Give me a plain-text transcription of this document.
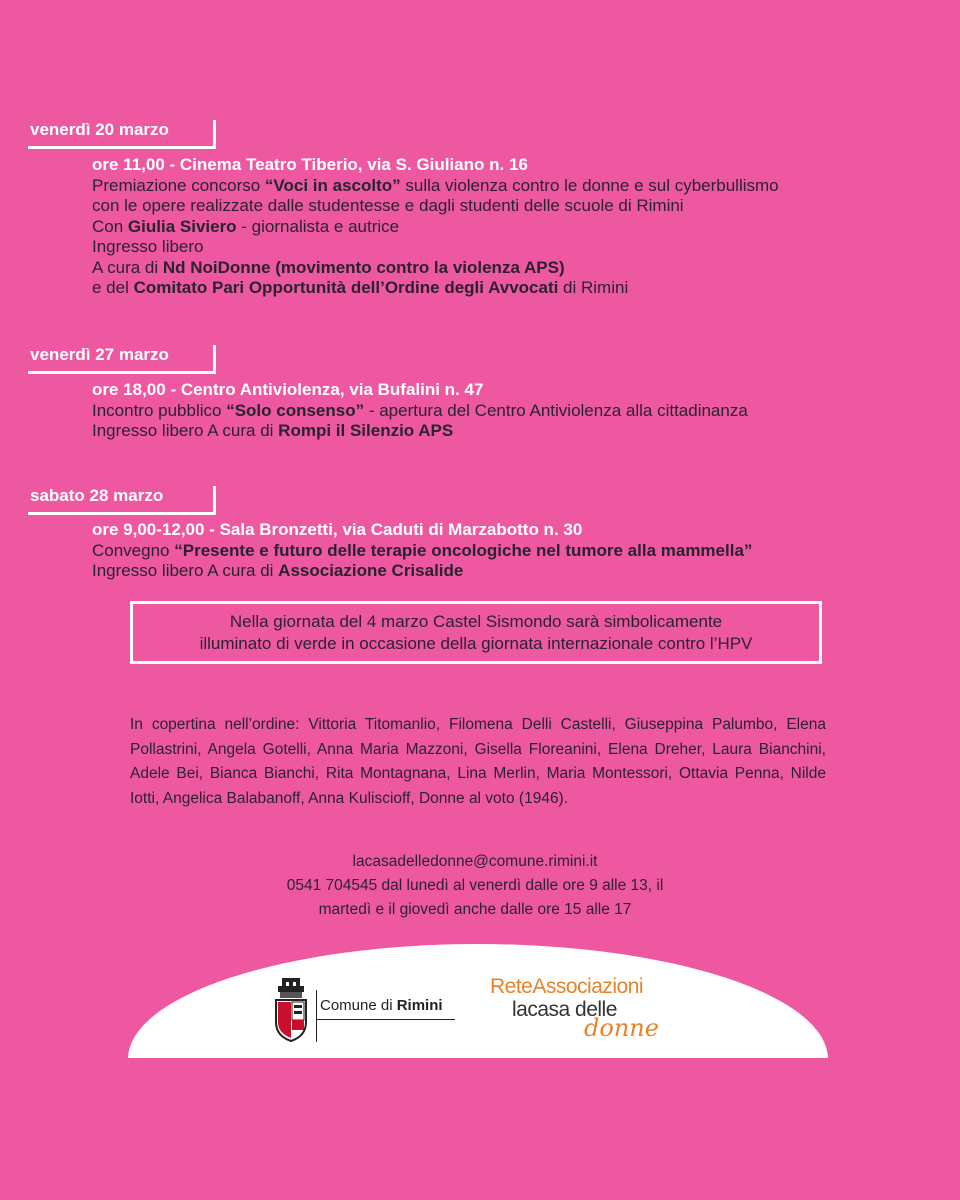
venerdì 20 marzo
ore 11,00 - Cinema Teatro Tiberio, via S. Giuliano n. 16
Premiazione concorso “Voci in ascolto” sulla violenza contro le donne e sul cyberbullismo
con le opere realizzate dalle studentesse e dagli studenti delle scuole di Rimini
Con Giulia Siviero - giornalista e autrice
Ingresso libero
A cura di Nd NoiDonne (movimento contro la violenza APS)
e del Comitato Pari Opportunità dell’Ordine degli Avvocati di Rimini
venerdì 27 marzo
ore 18,00 - Centro Antiviolenza, via Bufalini n. 47
Incontro pubblico “Solo consenso” - apertura del Centro Antiviolenza alla cittadinanza
Ingresso libero A cura di Rompi il Silenzio APS
sabato 28 marzo
ore 9,00-12,00 - Sala Bronzetti, via Caduti di Marzabotto n. 30
Convegno “Presente e futuro delle terapie oncologiche nel tumore alla mammella”
Ingresso libero A cura di Associazione Crisalide
Nella giornata del 4 marzo Castel Sismondo sarà simbolicamente
illuminato di verde in occasione della giornata internazionale contro l’HPV
In copertina nell’ordine: Vittoria Titomanlio, Filomena Delli Castelli, Giuseppina Palumbo, Elena Pollastrini, Angela Gotelli, Anna Maria Mazzoni, Gisella Floreanini, Elena Dreher, Laura Bianchini, Adele Bei, Bianca Bianchi, Rita Montagnana, Lina Merlin, Maria Montessori, Ottavia Penna, Nilde Iotti, Angelica Balabanoff, Anna Kuliscioff, Donne al voto (1946).
lacasadelledonne@comune.rimini.it
0541 704545 dal lunedì al venerdì dalle ore 9 alle 13, il
martedì e il giovedì anche dalle ore 15 alle 17
Comune di Rimini
ReteAssociazioni
lacasa delle
donne
